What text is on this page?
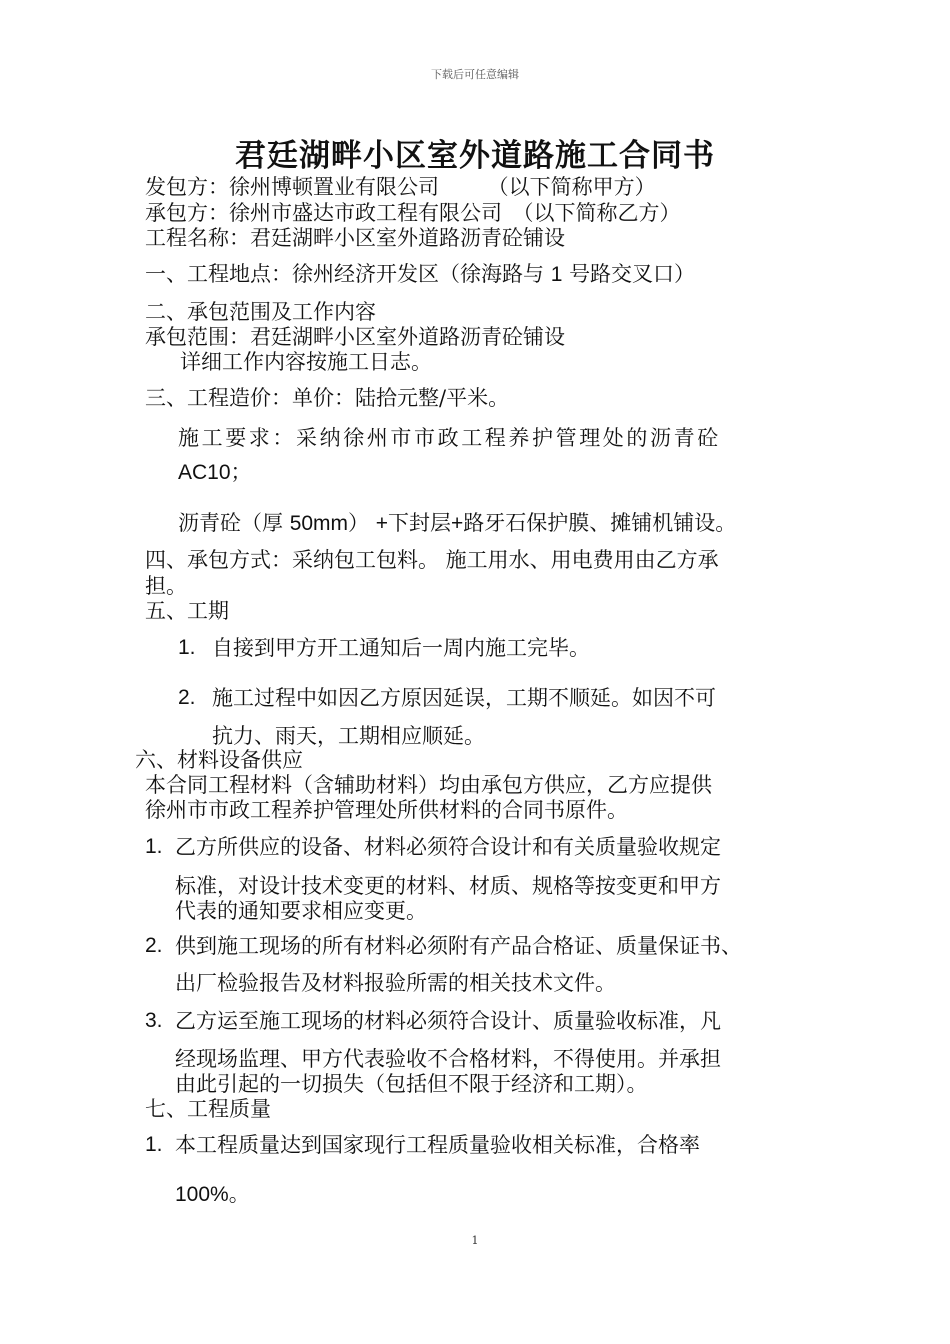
下载后可任意编辑
君廷湖畔小区室外道路施工合同书
发包方：徐州博顿置业有限公司　　 （以下简称甲方）
承包方：徐州市盛达市政工程有限公司　（以下简称乙方）
工程名称：君廷湖畔小区室外道路沥青砼铺设
一、工程地点：徐州经济开发区（徐海路与 1 号路交叉口）
二、承包范围及工作内容
承包范围：君廷湖畔小区室外道路沥青砼铺设
详细工作内容按施工日志。
三、工程造价：单价：陆拾元整/平米。
施工要求：采纳徐州市市政工程养护管理处的沥青砼
AC10；
沥青砼（厚 50mm） +下封层+路牙石保护膜、摊铺机铺设。
四、承包方式：采纳包工包料。 施工用水、用电费用由乙方承
担。
五、工期
1. 自接到甲方开工通知后一周内施工完毕。
2. 施工过程中如因乙方原因延误，工期不顺延。如因不可
抗力、雨天，工期相应顺延。
六、材料设备供应
本合同工程材料（含辅助材料）均由承包方供应，乙方应提供
徐州市市政工程养护管理处所供材料的合同书原件。
1. 乙方所供应的设备、材料必须符合设计和有关质量验收规定
标准，对设计技术变更的材料、材质、规格等按变更和甲方
代表的通知要求相应变更。
2. 供到施工现场的所有材料必须附有产品合格证、质量保证书、
出厂检验报告及材料报验所需的相关技术文件。
3. 乙方运至施工现场的材料必须符合设计、质量验收标准，凡
经现场监理、甲方代表验收不合格材料，不得使用。并承担
由此引起的一切损失（包括但不限于经济和工期）。
七、工程质量
1. 本工程质量达到国家现行工程质量验收相关标准，合格率
100%。
1
